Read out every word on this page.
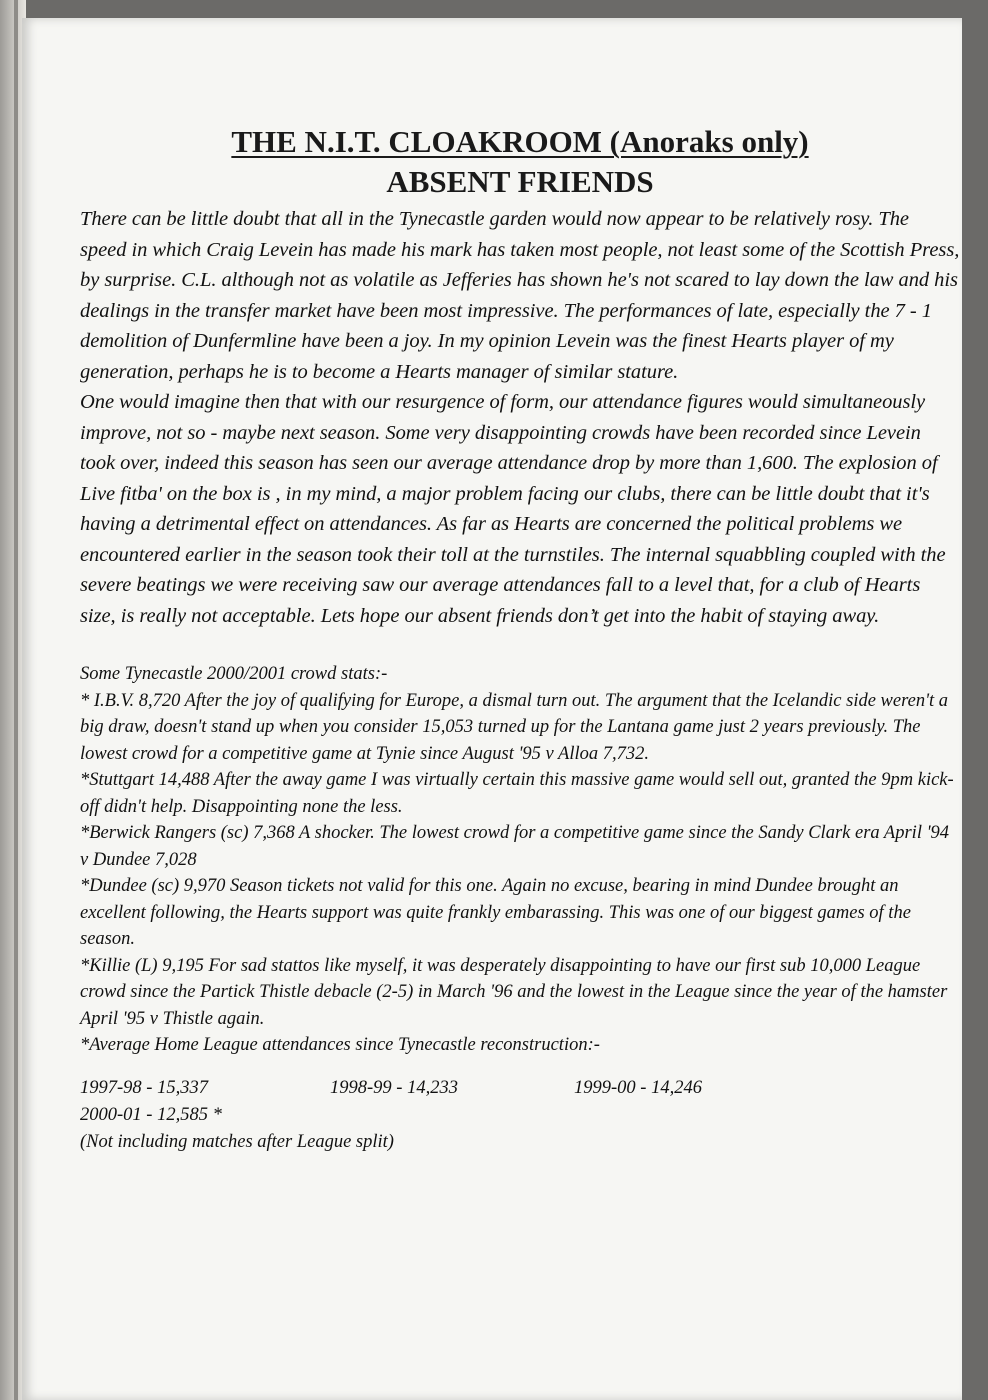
THE N.I.T. CLOAKROOM (Anoraks only)
ABSENT FRIENDS

There can be little doubt that all in the Tynecastle garden would now appear to be relatively rosy. The speed in which Craig Levein has made his mark has taken most people, not least some of the Scottish Press, by surprise. C.L. although not as volatile as Jefferies has shown he's not scared to lay down the law and his dealings in the transfer market have been most impressive. The performances of late, especially the 7 - 1 demolition of Dunfermline have been a joy. In my opinion Levein was the finest Hearts player of my generation, perhaps he is to become a Hearts manager of similar stature.

One would imagine then that with our resurgence of form, our attendance figures would simultaneously improve, not so - maybe next season. Some very disappointing crowds have been recorded since Levein took over, indeed this season has seen our average attendance drop by more than 1,600. The explosion of Live fitba' on the box is , in my mind, a major problem facing our clubs, there can be little doubt that it's having a detrimental effect on attendances. As far as Hearts are concerned the political problems we encountered earlier in the season took their toll at the turnstiles. The internal squabbling coupled with the severe beatings we were receiving saw our average attendances fall to a level that, for a club of Hearts size, is really not acceptable. Lets hope our absent friends don’t get into the habit of staying away.

Some Tynecastle 2000/2001 crowd stats:-

* I.B.V. 8,720 After the joy of qualifying for Europe, a dismal turn out. The argument that the Icelandic side weren't a big draw, doesn't stand up when you consider 15,053 turned up for the Lantana game just 2 years previously. The lowest crowd for a competitive game at Tynie since August '95 v Alloa 7,732.

*Stuttgart 14,488 After the away game I was virtually certain this massive game would sell out, granted the 9pm kick-off didn't help. Disappointing none the less.

*Berwick Rangers (sc) 7,368 A shocker. The lowest crowd for a competitive game since the Sandy Clark era April '94 v Dundee 7,028

*Dundee (sc) 9,970 Season tickets not valid for this one. Again no excuse, bearing in mind Dundee brought an excellent following, the Hearts support was quite frankly embarassing. This was one of our biggest games of the season.

*Killie (L) 9,195 For sad stattos like myself, it was desperately disappointing to have our first sub 10,000 League crowd since the Partick Thistle debacle (2-5) in March '96 and the lowest in the League since the year of the hamster April '95 v Thistle again.

*Average Home League attendances since Tynecastle reconstruction:-

1997-98 - 15,337	1998-99 - 14,233	1999-00 - 14,246
2000-01 - 12,585 *
(Not including matches after League split)
